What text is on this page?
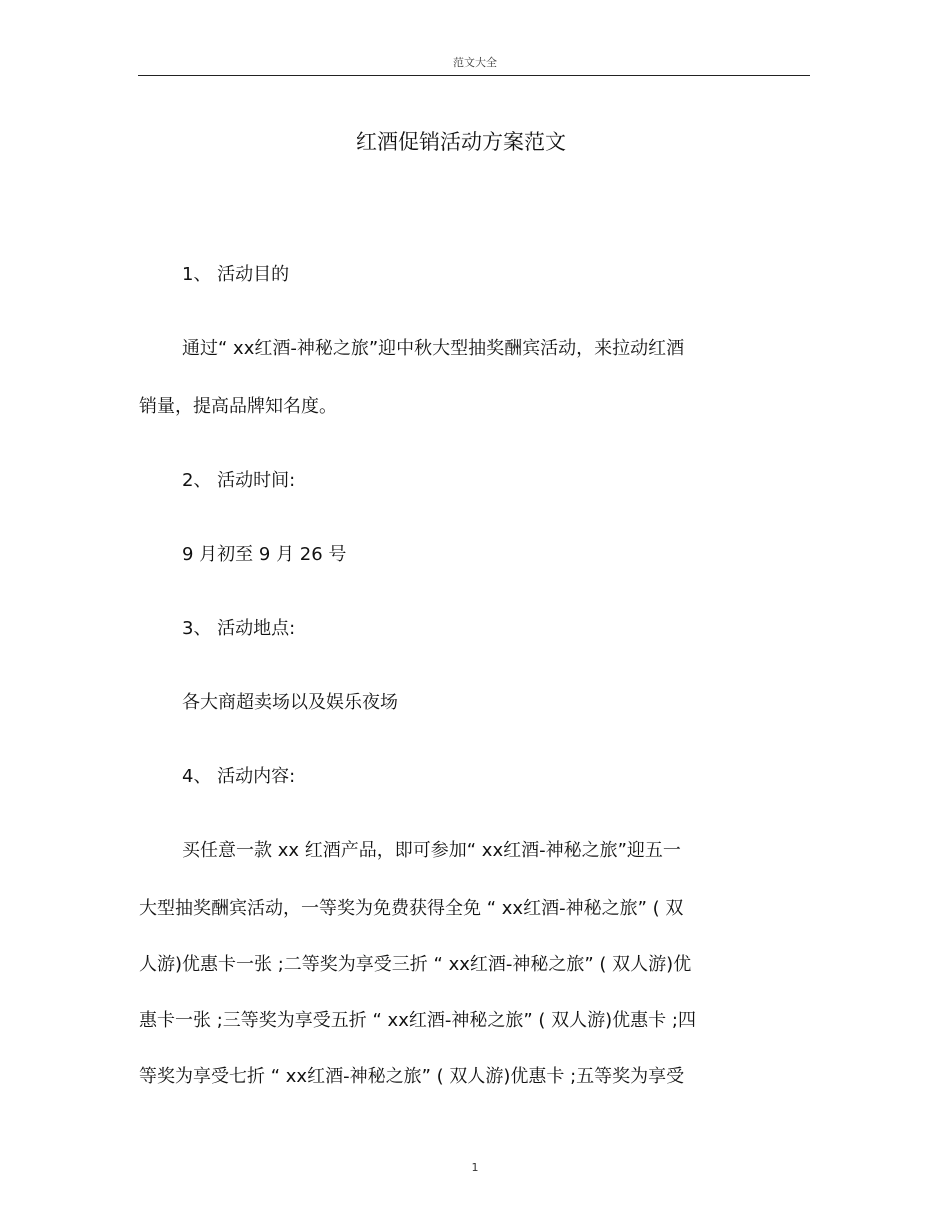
范文大全
红酒促销活动方案范文
1、 活动目的
通过“ xx红酒-神秘之旅”迎中秋大型抽奖酬宾活动，来拉动红酒
销量，提高品牌知名度。
2、 活动时间:
9 月初至 9 月 26 号
3、 活动地点:
各大商超卖场以及娱乐夜场
4、 活动内容:
买任意一款 xx 红酒产品，即可参加“ xx红酒-神秘之旅”迎五一
大型抽奖酬宾活动，一等奖为免费获得全免 “ xx红酒-神秘之旅” ( 双
人游)优惠卡一张 ;二等奖为享受三折 “ xx红酒-神秘之旅” ( 双人游)优
惠卡一张 ;三等奖为享受五折 “ xx红酒-神秘之旅” ( 双人游)优惠卡 ;四
等奖为享受七折 “ xx红酒-神秘之旅” ( 双人游)优惠卡 ;五等奖为享受
1
